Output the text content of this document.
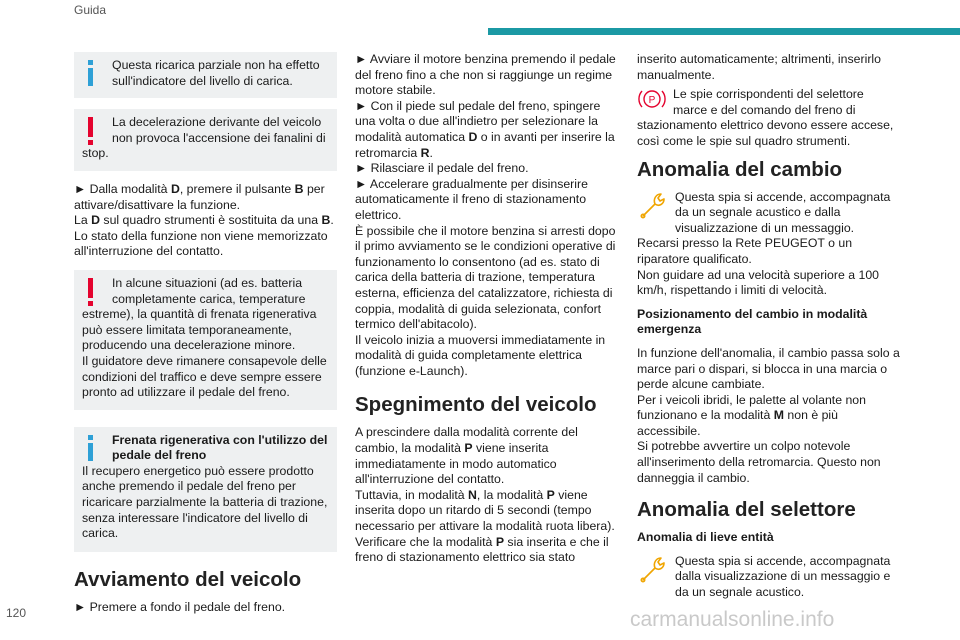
Guida

Questa ricarica parziale non ha effetto sull'indicatore del livello di carica.

La decelerazione derivante del veicolo non provoca l'accensione dei fanalini di stop.

► Dalla modalità D, premere il pulsante B per attivare/disattivare la funzione.

La D sul quadro strumenti è sostituita da una B.

Lo stato della funzione non viene memorizzato all'interruzione del contatto.

In alcune situazioni (ad es. batteria completamente carica, temperature estreme), la quantità di frenata rigenerativa può essere limitata temporaneamente, producendo una decelerazione minore.

Il guidatore deve rimanere consapevole delle condizioni del traffico e deve sempre essere pronto ad utilizzare il pedale del freno.

Frenata rigenerativa con l'utilizzo del pedale del freno

Il recupero energetico può essere prodotto anche premendo il pedale del freno per ricaricare parzialmente la batteria di trazione, senza interessare l'indicatore del livello di carica.

Avviamento del veicolo

► Premere a fondo il pedale del freno.

► Avviare il motore benzina premendo il pedale del freno fino a che non si raggiunge un regime motore stabile.

► Con il piede sul pedale del freno, spingere una volta o due all'indietro per selezionare la modalità automatica D o in avanti per inserire la retromarcia R.

► Rilasciare il pedale del freno.

► Accelerare gradualmente per disinserire automaticamente il freno di stazionamento elettrico.

È possibile che il motore benzina si arresti dopo il primo avviamento se le condizioni operative di funzionamento lo consentono (ad es. stato di carica della batteria di trazione, temperatura esterna, efficienza del catalizzatore, richiesta di coppia, modalità di guida selezionata, confort termico dell'abitacolo).

Il veicolo inizia a muoversi immediatamente in modalità di guida completamente elettrica (funzione e-Launch).

Spegnimento del veicolo

A prescindere dalla modalità corrente del cambio, la modalità P viene inserita immediatamente in modo automatico all'interruzione del contatto.

Tuttavia, in modalità N, la modalità P viene inserita dopo un ritardo di 5 secondi (tempo necessario per attivare la modalità ruota libera).

Verificare che la modalità P sia inserita e che il freno di stazionamento elettrico sia stato

inserito automaticamente; altrimenti, inserirlo manualmente.

P	Le spie corrispondenti del selettore marce e del comando del freno di stazionamento elettrico devono essere accese, così come le spie sul quadro strumenti.

Anomalia del cambio

Questa spia si accende, accompagnata da un segnale acustico e dalla visualizzazione di un messaggio.

Recarsi presso la Rete PEUGEOT o un riparatore qualificato.

Non guidare ad una velocità superiore a 100 km/h, rispettando i limiti di velocità.

Posizionamento del cambio in modalità emergenza

In funzione dell'anomalia, il cambio passa solo a marce pari o dispari, si blocca in una marcia o perde alcune cambiate.

Per i veicoli ibridi, le palette al volante non funzionano e la modalità M non è più accessibile.

Si potrebbe avvertire un colpo notevole all'inserimento della retromarcia. Questo non danneggia il cambio.

Anomalia del selettore
Anomalia di lieve entità

Questa spia si accende, accompagnata dalla visualizzazione di un messaggio e da un segnale acustico.

120	carmanualsonline.info
